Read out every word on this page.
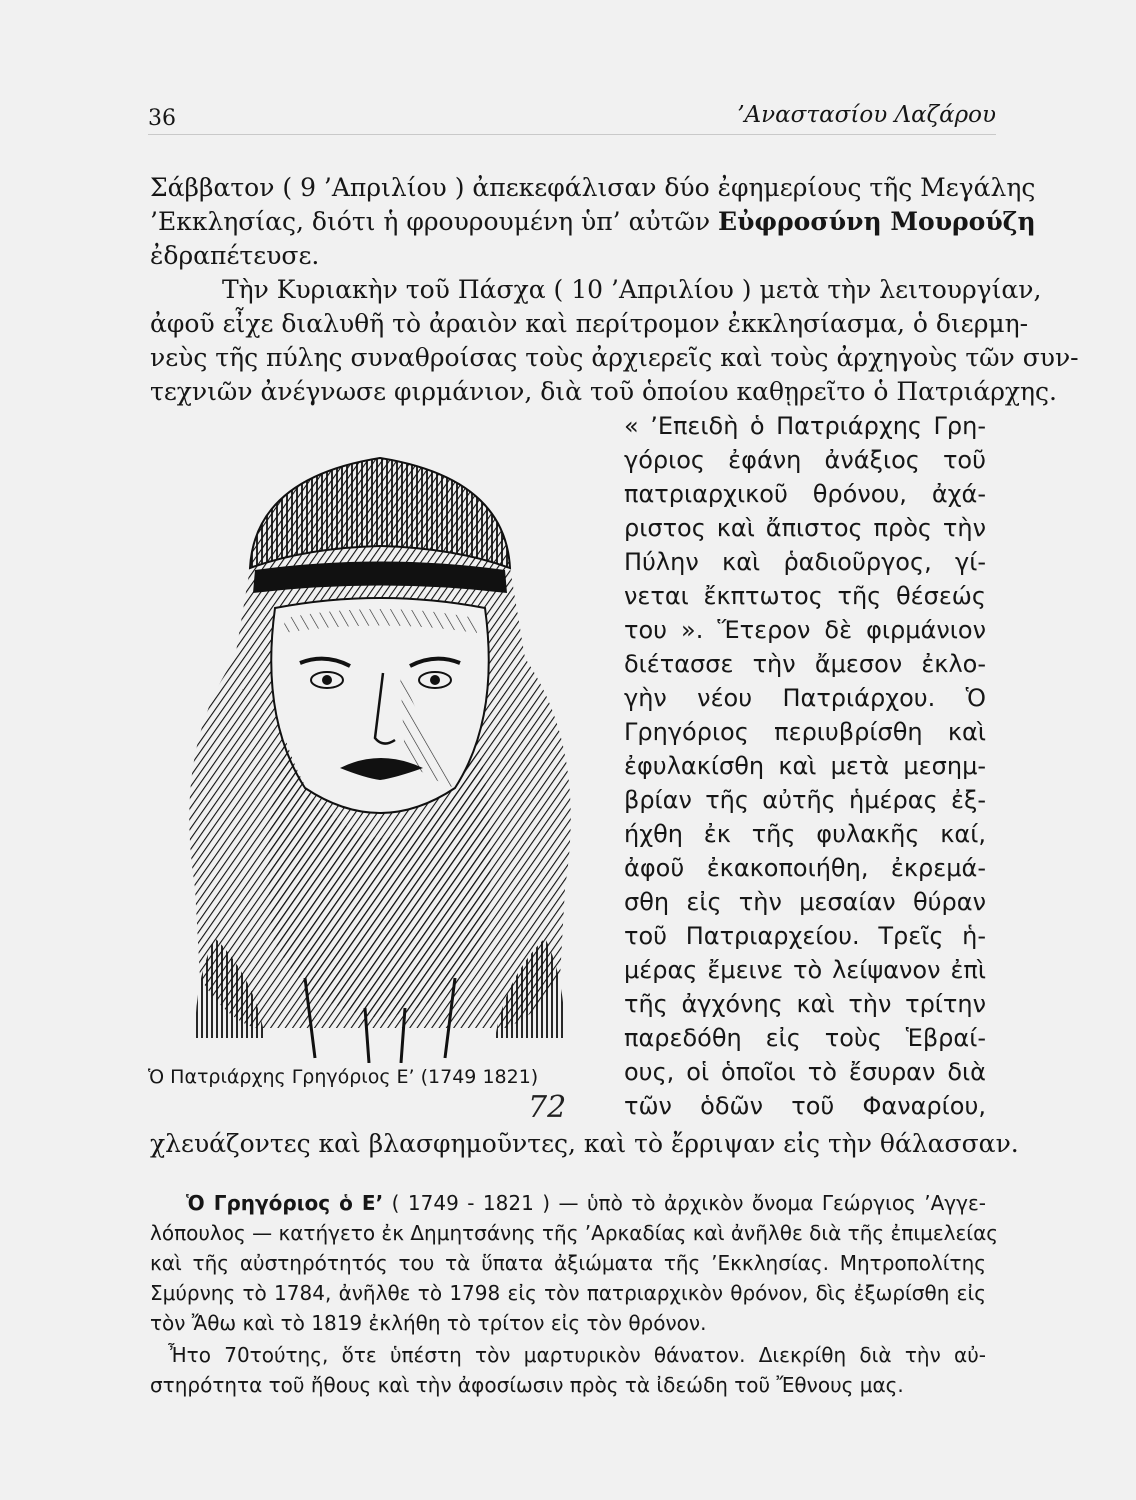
36	’Αναστασίου Λαζάρου
Σάββατον ( 9 ’Απριλίου ) ἀπεκεφάλισαν δύο ἐφημερίους τῆς Μεγάλης
’Εκκλησίας, διότι ἡ φρουρουμένη ὑπ’ αὐτῶν Εὐφροσύνη Μουρούζη
ἐδραπέτευσε.
Τὴν Κυριακὴν τοῦ Πάσχα ( 10 ’Απριλίου ) μετὰ τὴν λειτουργίαν,
ἀφοῦ εἶχε διαλυθῆ τὸ ἀραιὸν καὶ περίτρομον ἐκκλησίασμα, ὁ διερμη-
νεὺς τῆς πύλης συναθροίσας τοὺς ἀρχιερεῖς καὶ τοὺς ἀρχηγοὺς τῶν συν-
τεχνιῶν ἀνέγνωσε φιρμάνιον, διὰ τοῦ ὁποίου καθῃρεῖτο ὁ Πατριάρχης.
« ’Επειδὴ ὁ Πατριάρχης Γρη-
γόριος ἐφάνη ἀνάξιος τοῦ
πατριαρχικοῦ θρόνου, ἀχά-
ριστος καὶ ἄπιστος πρὸς τὴν
Πύλην καὶ ῥαδιοῦργος, γί-
νεται ἔκπτωτος τῆς θέσεώς
του ». Ἕτερον δὲ φιρμάνιον
διέτασσε τὴν ἄμεσον ἐκλο-
γὴν νέου Πατριάρχου. Ὁ
Γρηγόριος περιυβρίσθη καὶ
ἐφυλακίσθη καὶ μετὰ μεσημ-
βρίαν τῆς αὐτῆς ἡμέρας ἐξ-
ήχθη ἐκ τῆς φυλακῆς καί,
ἀφοῦ ἐκακοποιήθη, ἐκρεμά-
σθη εἰς τὴν μεσαίαν θύραν
τοῦ Πατριαρχείου. Τρεῖς ἡ-
μέρας ἔμεινε τὸ λείψανον ἐπὶ
τῆς ἀγχόνης καὶ τὴν τρίτην
παρεδόθη εἰς τοὺς Ἑβραί-
ους, οἱ ὁποῖοι τὸ ἔσυραν διὰ
τῶν ὁδῶν τοῦ Φαναρίου,
χλευάζοντες καὶ βλασφημοῦντες, καὶ τὸ ἔρριψαν εἰς τὴν θάλασσαν.
Ὁ Πατριάρχης Γρηγόριος Ε’ (1749 1821)
72
Ὁ Γρηγόριος ὁ Ε’ ( 1749 - 1821 ) — ὑπὸ τὸ ἀρχικὸν ὄνομα Γεώργιος ’Αγγε-
λόπουλος — κατήγετο ἐκ Δημητσάνης τῆς ’Αρκαδίας καὶ ἀνῆλθε διὰ τῆς ἐπιμελείας
καὶ τῆς αὐστηρότητός του τὰ ὕπατα ἀξιώματα τῆς ’Εκκλησίας. Μητροπολίτης
Σμύρνης τὸ 1784, ἀνῆλθε τὸ 1798 εἰς τὸν πατριαρχικὸν θρόνον, δὶς ἐξωρίσθη εἰς
τὸν Ἄθω καὶ τὸ 1819 ἐκλήθη τὸ τρίτον εἰς τὸν θρόνον.
Ἦτο 70τούτης, ὅτε ὑπέστη τὸν μαρτυρικὸν θάνατον. Διεκρίθη διὰ τὴν αὐ-
στηρότητα τοῦ ἤθους καὶ τὴν ἀφοσίωσιν πρὸς τὰ ἰδεώδη τοῦ Ἔθνους μας.
